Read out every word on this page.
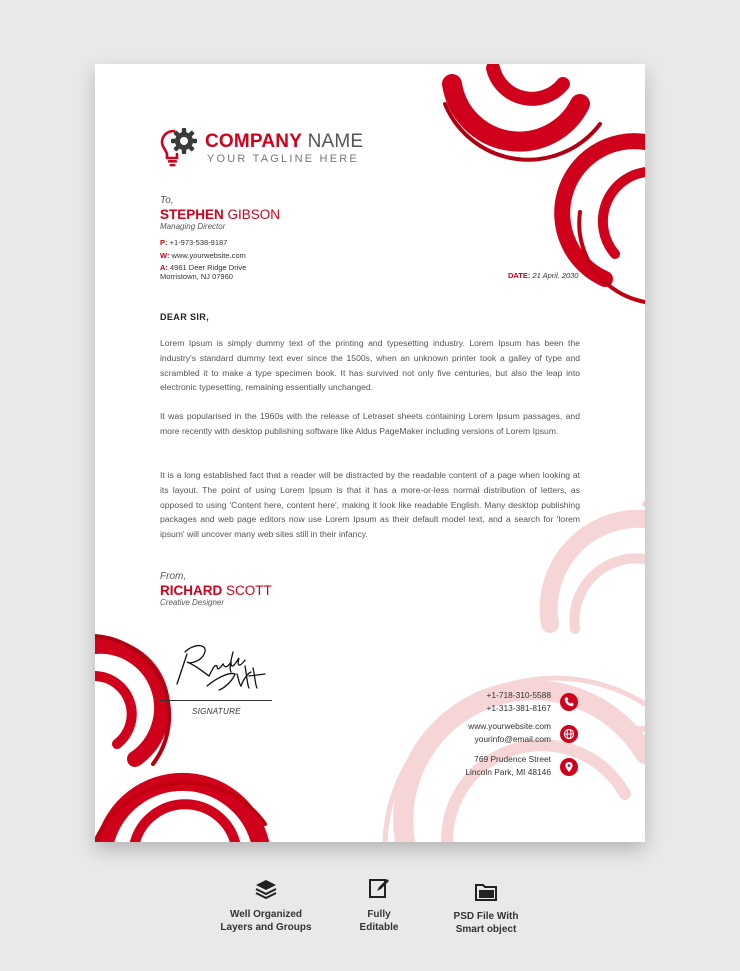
COMPANY NAME
YOUR TAGLINE HERE
To,
STEPHEN GIBSON
Managing Director
P: +1-973-538-9187
W: www.yourwebsite.com
A: 4961 Deer Ridge Drive
Morristown, NJ 07960	DATE: 21 April, 2030
DEAR SIR,
Lorem Ipsum is simply dummy text of the printing and typesetting industry. Lorem Ipsum has been the industry's standard dummy text ever since the 1500s, when an unknown printer took a galley of type and scrambled it to make a type specimen book. It has survived not only five centuries, but also the leap into electronic typesetting, remaining essentially unchanged.
It was popularised in the 1960s with the release of Letraset sheets containing Lorem Ipsum passages, and more recently with desktop publishing software like Aldus PageMaker including versions of Lorem Ipsum.
It is a long established fact that a reader will be distracted by the readable content of a page when looking at its layout. The point of using Lorem Ipsum is that it has a more-or-less normal distribution of letters, as opposed to using 'Content here, content here', making it look like readable English. Many desktop publishing packages and web page editors now use Lorem Ipsum as their default model text, and a search for 'lorem ipsum' will uncover many web sites still in their infancy.
From,
RICHARD SCOTT
Creative Designer
SIGNATURE
+1-718-310-5588
+1-313-381-8167
www.yourwebsite.com
yourinfo@email.com
769 Prudence Street
Lincoln Park, MI 48146
Well Organized
Layers and Groups
Fully
Editable
PSD File With
Smart object
